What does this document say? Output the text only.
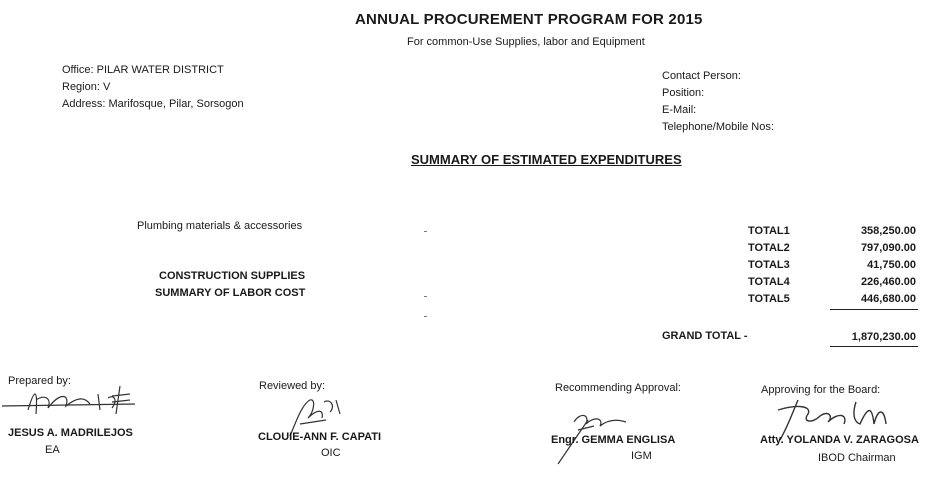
ANNUAL PROCUREMENT PROGRAM FOR 2015
For common-Use Supplies, labor and Equipment
Office: PILAR WATER DISTRICT
Region: V
Address: Marifosque, Pilar, Sorsogon
Contact Person:
Position:
E-Mail:
Telephone/Mobile Nos:
SUMMARY OF ESTIMATED EXPENDITURES
Plumbing materials & accessories
CONSTRUCTION SUPPLIES
SUMMARY OF LABOR COST
TOTAL1	358,250.00
TOTAL2	797,090.00
TOTAL3	41,750.00
TOTAL4	226,460.00
TOTAL5	446,680.00
GRAND TOTAL -	1,870,230.00
Prepared by:
JESUS A. MADRILEJOS
EA
Reviewed by:
CLOUIE-ANN F. CAPATI
OIC
Recommending Approval:
Engr. GEMMA ENGLISA
IGM
Approving for the Board:
Atty. YOLANDA V. ZARAGOSA
IBOD Chairman
